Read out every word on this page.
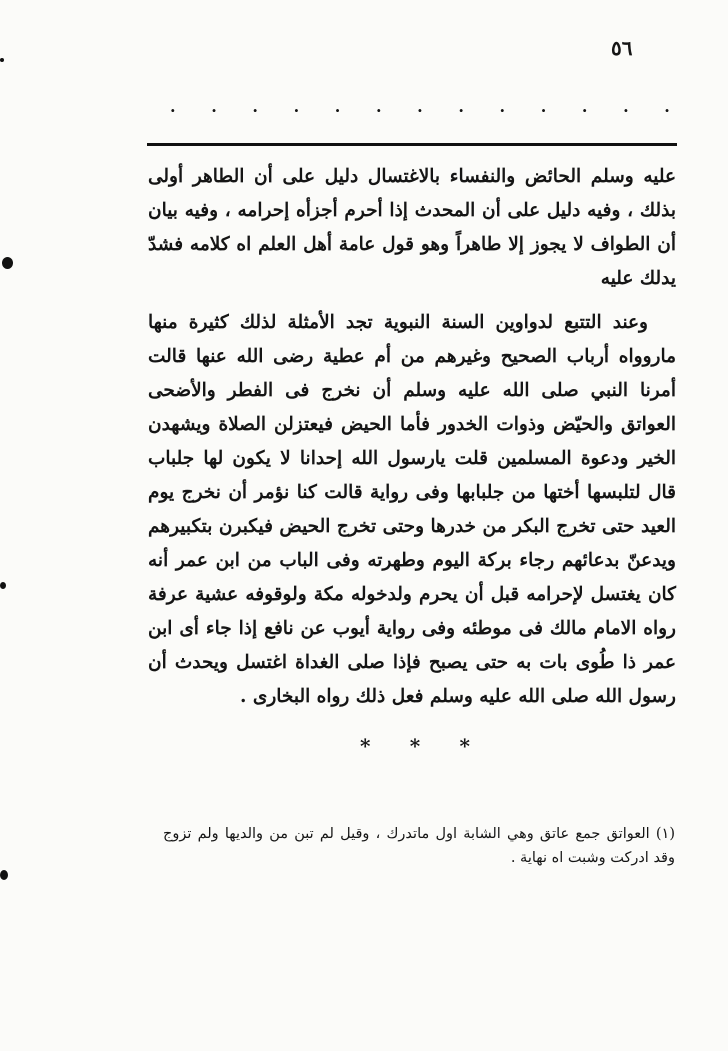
٥٦
. . . . . . . . . . . . .

عليه وسلم الحائض والنفساء بالاغتسال دليل على أن الطاهر أولى بذلك ، وفيه دليل على أن المحدث إذا أحرم أجزأه إحرامه ، وفيه بيان أن الطواف لا يجوز إلا طاهراً وهو قول عامة أهل العلم اه كلامه فشدّ يدلك عليه

وعند التتبع لدواوين السنة النبوية تجد الأمثلة لذلك كثيرة منها ماروواه أرباب الصحيح وغيرهم من أم عطية رضى الله عنها قالت أمرنا النبي صلى الله عليه وسلم أن نخرج فى الفطر والأضحى العواتق والحيّض وذوات الخدور فأما الحيض فيعتزلن الصلاة ويشهدن الخير ودعوة المسلمين قلت يارسول الله إحدانا لا يكون لها جلباب قال لتلبسها أختها من جلبابها وفى رواية قالت كنا نؤمر أن نخرج يوم العيد حتى تخرج البكر من خدرها وحتى تخرج الحيض فيكبرن بتكبيرهم ويدعنّ بدعائهم رجاء بركة اليوم وطهرته وفى الباب من ابن عمر أنه كان يغتسل لإحرامه قبل أن يحرم ولدخوله مكة ولوقوفه عشية عرفة رواه الامام مالك فى موطئه وفى رواية أيوب عن نافع إذا جاء أى ابن عمر ذا طُوى بات به حتى يصبح فإذا صلى الغداة اغتسل ويحدث أن رسول الله صلى الله عليه وسلم فعل ذلك رواه البخارى .

* * *

(١) العواتق جمع عاتق وهي الشابة اول ماتدرك ، وقيل لم تبن من والديها ولم تزوج وقد ادركت وشبت اه نهاية .
